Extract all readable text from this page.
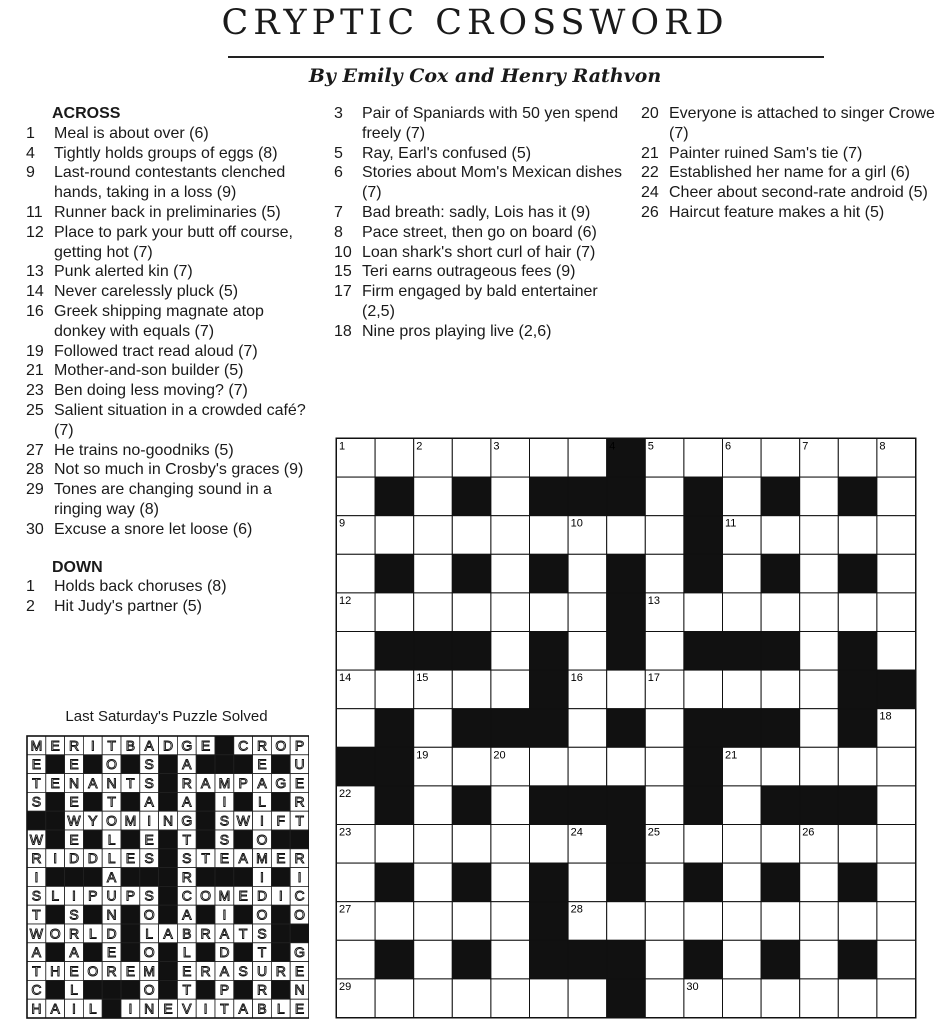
CRYPTIC CROSSWORD
By Emily Cox and Henry Rathvon
ACROSS
1 Meal is about over (6)
4 Tightly holds groups of eggs (8)
9 Last-round contestants clenched hands, taking in a loss (9)
11 Runner back in preliminaries (5)
12 Place to park your butt off course, getting hot (7)
13 Punk alerted kin (7)
14 Never carelessly pluck (5)
16 Greek shipping magnate atop donkey with equals (7)
19 Followed tract read aloud (7)
21 Mother-and-son builder (5)
23 Ben doing less moving? (7)
25 Salient situation in a crowded café? (7)
27 He trains no-goodniks (5)
28 Not so much in Crosby's graces (9)
29 Tones are changing sound in a ringing way (8)
30 Excuse a snore let loose (6)
DOWN
1 Holds back choruses (8)
2 Hit Judy's partner (5)
3 Pair of Spaniards with 50 yen spend freely (7)
5 Ray, Earl's confused (5)
6 Stories about Mom's Mexican dishes (7)
7 Bad breath: sadly, Lois has it (9)
8 Pace street, then go on board (6)
10 Loan shark's short curl of hair (7)
15 Teri earns outrageous fees (9)
17 Firm engaged by bald entertainer (2,5)
18 Nine pros playing live (2,6)
20 Everyone is attached to singer Crowe (7)
21 Painter ruined Sam's tie (7)
22 Established her name for a girl (6)
24 Cheer about second-rate android (5)
26 Haircut feature makes a hit (5)
Last Saturday's Puzzle Solved
M E R I T B A D G E C R O P
E E O S A	E U
T E N A N T S R A M P A G E
S E T A A I L R
W Y O M I N G S W I F T
W E L E T S O
R I D D L E S S T E A M E R
I	A	R	I I
S L I P U P S C O M E D I C
T S N O A I O O
W O R L D L A B R A T S
A A E O L D T G
T H E O R E M E R A S U R E
C L	O T P R N
H A I L I N E V I T A B L E
1	2	3	4	5	6	7	8
9	10	11
12	13
14	15	16	17
18
19	20	21
22
23	24	25	26
27	28
29	30
